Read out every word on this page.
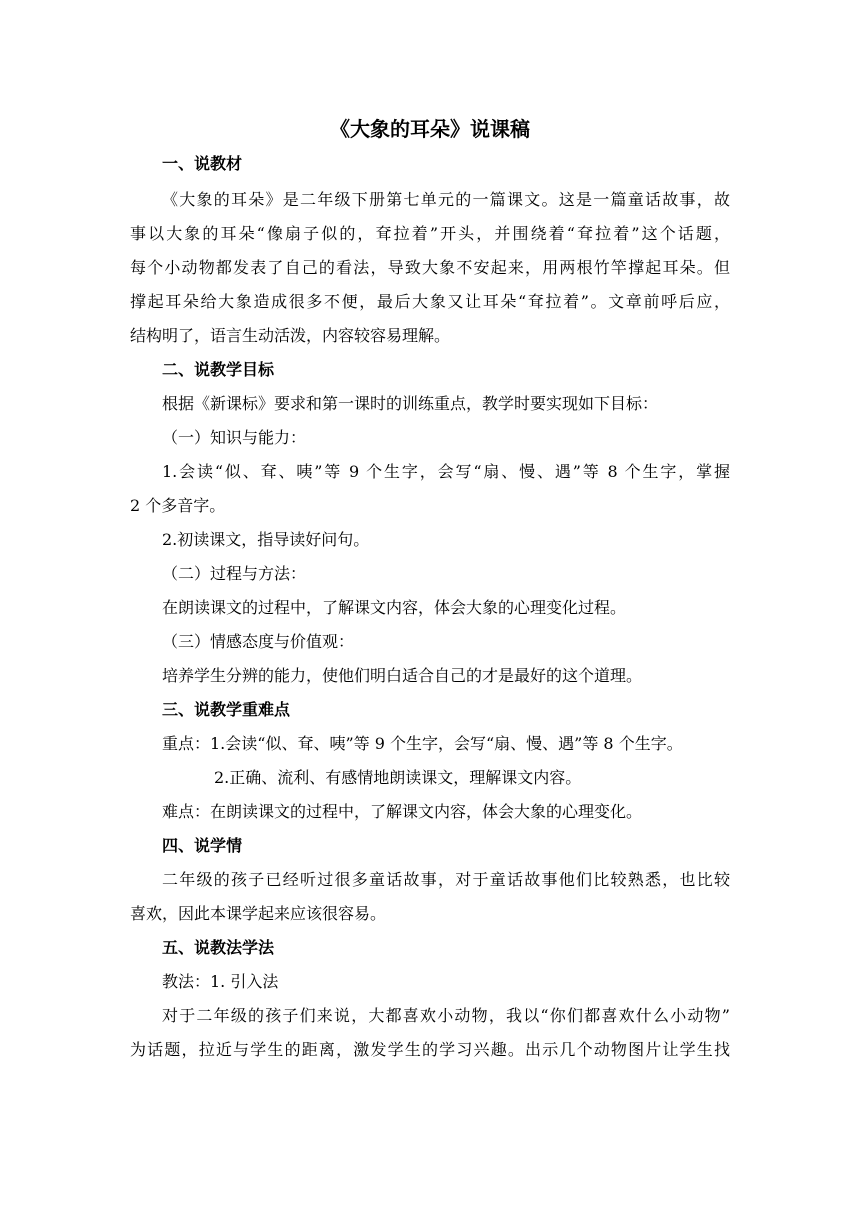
《大象的耳朵》说课稿
一、说教材
《大象的耳朵》是二年级下册第七单元的一篇课文。这是一篇童话故事，故
事以大象的耳朵“像扇子似的，耷拉着”开头，并围绕着“耷拉着”这个话题，
每个小动物都发表了自己的看法，导致大象不安起来，用两根竹竿撑起耳朵。但
撑起耳朵给大象造成很多不便，最后大象又让耳朵“耷拉着”。文章前呼后应，
结构明了，语言生动活泼，内容较容易理解。
二、说教学目标
根据《新课标》要求和第一课时的训练重点，教学时要实现如下目标：
（一）知识与能力：
1.会读“似、耷、咦”等 9 个生字，会写“扇、慢、遇”等 8 个生字，掌握
2 个多音字。
2.初读课文，指导读好问句。
（二）过程与方法：
在朗读课文的过程中，了解课文内容，体会大象的心理变化过程。
（三）情感态度与价值观：
培养学生分辨的能力，使他们明白适合自己的才是最好的这个道理。
三、说教学重难点
重点：1.会读“似、耷、咦”等 9 个生字，会写“扇、慢、遇”等 8 个生字。
2.正确、流利、有感情地朗读课文，理解课文内容。
难点：在朗读课文的过程中，了解课文内容，体会大象的心理变化。
四、说学情
二年级的孩子已经听过很多童话故事，对于童话故事他们比较熟悉，也比较
喜欢，因此本课学起来应该很容易。
五、说教法学法
教法：1. 引入法
对于二年级的孩子们来说，大都喜欢小动物，我以“你们都喜欢什么小动物”
为话题，拉近与学生的距离，激发学生的学习兴趣。出示几个动物图片让学生找
